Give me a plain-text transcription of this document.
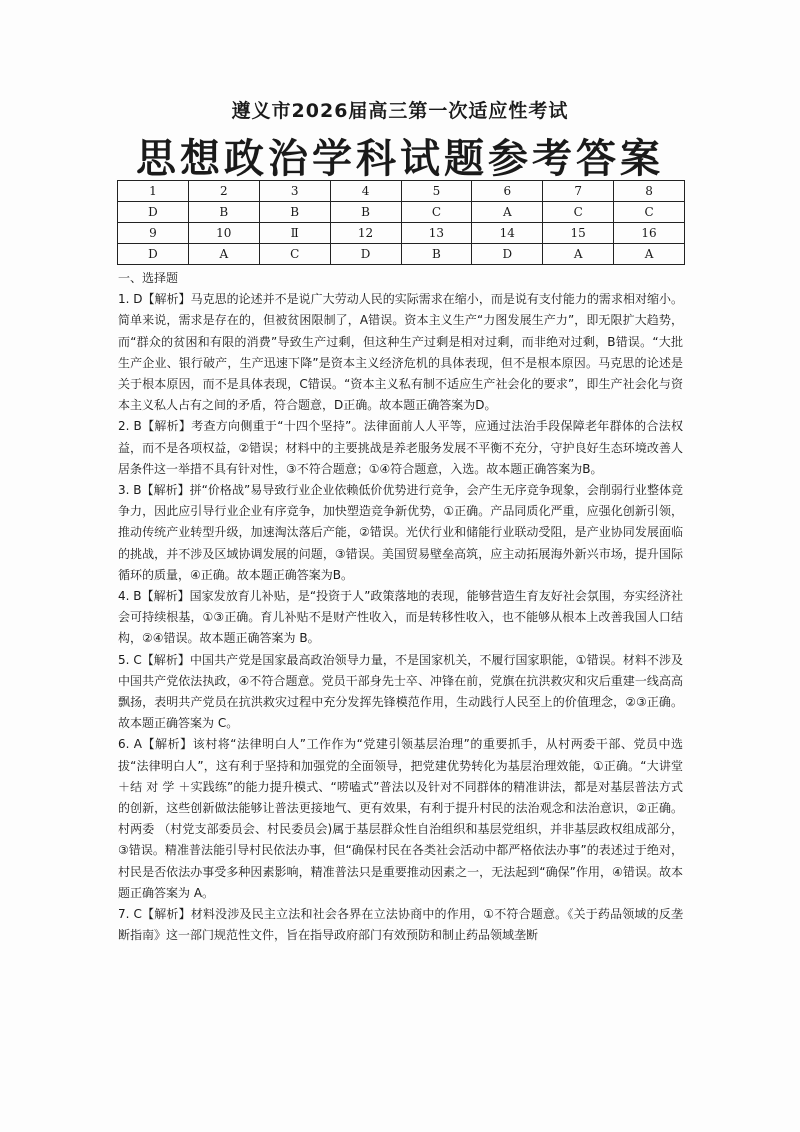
遵义市2026届高三第一次适应性考试
思想政治学科试题参考答案
1	2	3	4	5	6	7	8
D	B	B	B	C	A	C	C
9	10	Ⅱ	12	13	14	15	16
D	A	C	D	B	D	A	A

一、选择题

1. D【解析】马克思的论述并不是说广大劳动人民的实际需求在缩小，而是说有支付能力的需求相对缩小。简单来说，需求是存在的，但被贫困限制了，A错误。资本主义生产“力图发展生产力”，即无限扩大趋势，而“群众的贫困和有限的消费”导致生产过剩，但这种生产过剩是相对过剩，而非绝对过剩，B错误。“大批生产企业、银行破产，生产迅速下降”是资本主义经济危机的具体表现，但不是根本原因。马克思的论述是关于根本原因，而不是具体表现，C错误。“资本主义私有制不适应生产社会化的要求”，即生产社会化与资本主义私人占有之间的矛盾，符合题意，D正确。故本题正确答案为D。

2. B【解析】考查方向侧重于“十四个坚持”。法律面前人人平等，应通过法治手段保障老年群体的合法权益，而不是各项权益，②错误；材料中的主要挑战是养老服务发展不平衡不充分，守护良好生态环境改善人居条件这一举措不具有针对性，③不符合题意；①④符合题意，入选。故本题正确答案为B。

3. B【解析】拼“价格战”易导致行业企业依赖低价优势进行竞争，会产生无序竞争现象，会削弱行业整体竞争力，因此应引导行业企业有序竞争，加快塑造竞争新优势，①正确。产品同质化严重，应强化创新引领，推动传统产业转型升级，加速淘汰落后产能，②错误。光伏行业和储能行业联动受阻，是产业协同发展面临的挑战，并不涉及区域协调发展的问题，③错误。美国贸易壁垒高筑，应主动拓展海外新兴市场，提升国际循环的质量，④正确。故本题正确答案为B。

4. B【解析】国家发放育儿补贴，是“投资于人”政策落地的表现，能够营造生育友好社会氛围，夯实经济社会可持续根基，①③正确。育儿补贴不是财产性收入，而是转移性收入，也不能够从根本上改善我国人口结构，②④错误。故本题正确答案为 B。

5. C【解析】中国共产党是国家最高政治领导力量，不是国家机关，不履行国家职能，①错误。材料不涉及中国共产党依法执政，④不符合题意。党员干部身先士卒、冲锋在前，党旗在抗洪救灾和灾后重建一线高高飘扬，表明共产党员在抗洪救灾过程中充分发挥先锋模范作用，生动践行人民至上的价值理念，②③正确。故本题正确答案为 C。

6. A【解析】该村将“法律明白人”工作作为“党建引领基层治理”的重要抓手，从村两委干部、党员中选拔“法律明白人”，这有利于坚持和加强党的全面领导，把党建优势转化为基层治理效能，①正确。“大讲堂 ＋结 对 学 ＋实践练”的能力提升模式、“唠嗑式”普法以及针对不同群体的精准讲法，都是对基层普法方式的创新，这些创新做法能够让普法更接地气、更有效果，有利于提升村民的法治观念和法治意识，②正确。村两委 （村党支部委员会、村民委员会)属于基层群众性自治组织和基层党组织，并非基层政权组成部分，③错误。精准普法能引导村民依法办事，但“确保村民在各类社会活动中都严格依法办事”的表述过于绝对，村民是否依法办事受多种因素影响，精准普法只是重要推动因素之一，无法起到“确保”作用，④错误。故本题正确答案为 A。

7. C【解析】材料没涉及民主立法和社会各界在立法协商中的作用，①不符合题意。《关于药品领域的反垄断指南》这一部门规范性文件，旨在指导政府部门有效预防和制止药品领域垄断
